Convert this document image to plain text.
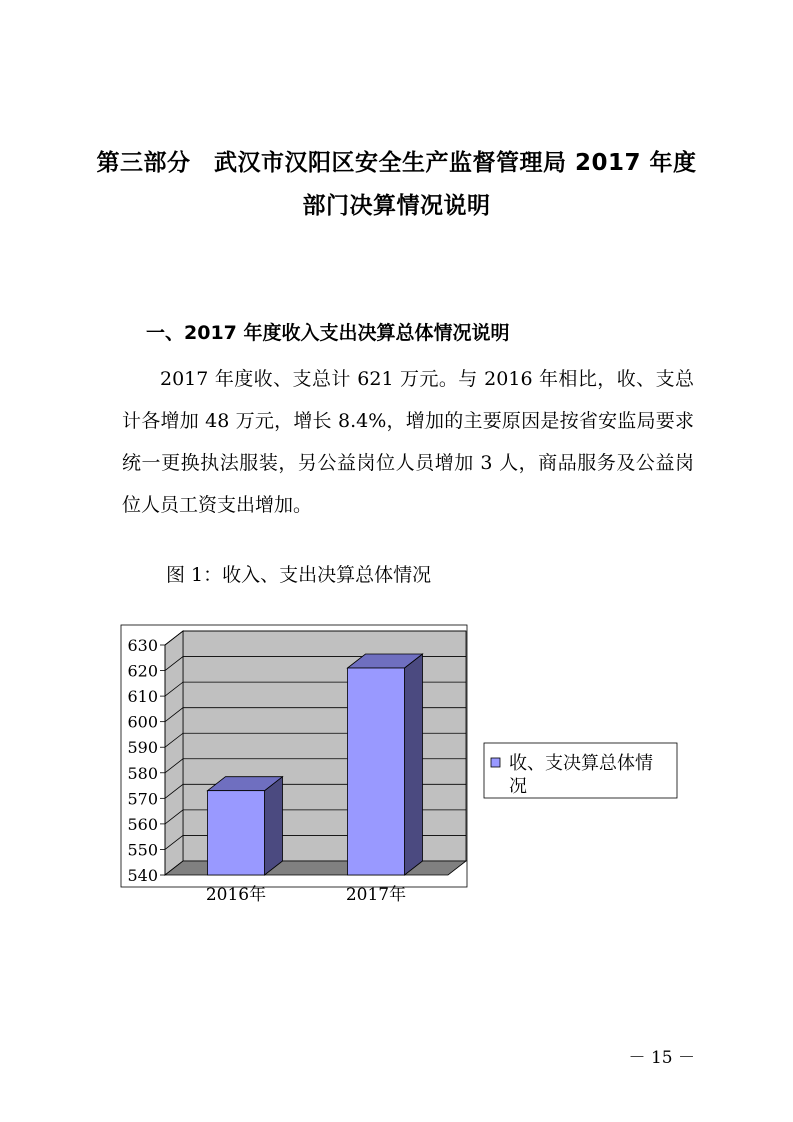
第三部分　武汉市汉阳区安全生产监督管理局 2017 年度
部门决算情况说明
一、2017 年度收入支出决算总体情况说明

2017 年度收、支总计 621 万元。与 2016 年相比，收、支总计各增加 48 万元，增长 8.4%，增加的主要原因是按省安监局要求统一更换执法服装，另公益岗位人员增加 3 人，商品服务及公益岗位人员工资支出增加。

图 1：收入、支出决算总体情况
540
550
560
570
580
590
600
610
620
630
2016年	2017年
收、支决算总体情
况
－ 15 －
